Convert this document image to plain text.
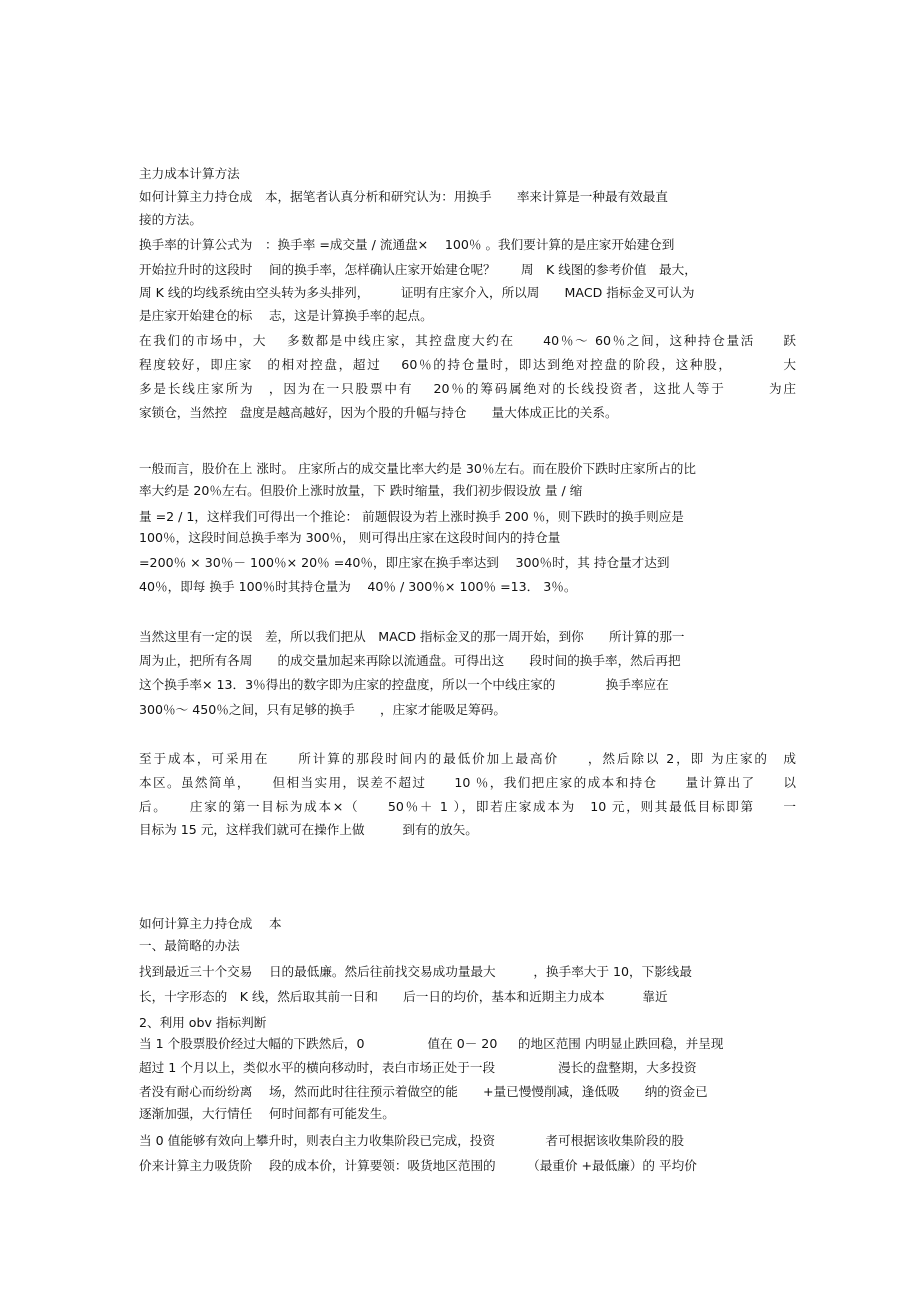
主力成本计算方法
如何计算主力持仓成　本，据笔者认真分析和研究认为：用换手　　率来计算是一种最有效最直
接的方法。
换手率的计算公式为　：换手率 =成交量 / 流通盘×　 100％ 。我们要计算的是庄家开始建仓到
开始拉升时的这段时　 间的换手率，怎样确认庄家开始建仓呢？　　周　K 线图的参考价值　最大，
周 K 线的均线系统由空头转为多头排列，　　　证明有庄家介入，所以周　　MACD 指标金叉可认为
是庄家开始建仓的标　 志，这是计算换手率的起点。
在我们的市场中，大　 多数都是中线庄家，其控盘度大约在　　40％～ 60％之间，这种持仓量活　　跃
程度较好，即庄家　的相对控盘，超过　 60％的持仓量时，即达到绝对控盘的阶段，这种股，　　　　大
多是长线庄家所为　，因为在一只股票中有　 20％的筹码属绝对的长线投资者，这批人等于　　　为庄
家锁仓，当然控　盘度是越高越好，因为个股的升幅与持仓　　量大体成正比的关系。
一般而言，股价在上 涨时。 庄家所占的成交量比率大约是 30％左右。而在股价下跌时庄家所占的比
率大约是 20％左右。但股价上涨时放量，下 跌时缩量，我们初步假设放 量 / 缩
量 =2 / 1，这样我们可得出一个推论： 前题假设为若上涨时换手 200 ％，则下跌时的换手则应是
100％，这段时间总换手率为 300％， 则可得出庄家在这段时间内的持仓量
=200％ × 30％－ 100％× 20％ =40％，即庄家在换手率达到　 300％时，其 持仓量才达到
40％，即每 换手 100％时其持仓量为　 40％ / 300％× 100％ =13． 3％。
当然这里有一定的误　差，所以我们把从　MACD 指标金叉的那一周开始，到你　　所计算的那一
周为止，把所有各周　　的成交量加起来再除以流通盘。可得出这　　段时间的换手率，然后再把
这个换手率× 13．3％得出的数字即为庄家的控盘度，所以一个中线庄家的　　　　换手率应在
300％～ 450％之间，只有足够的换手　　，庄家才能吸足筹码。
至于成本，可采用在　　所计算的那段时间内的最低价加上最高价　　，然后除以 2，即 为庄家的　成
本区。虽然简单，　　但相当实用，误差不超过　　10 ％，我们把庄家的成本和持仓　　量计算出了　　以
后。　　庄家的第一目标为成本×（　　50％＋ 1 ），即若庄家成本为　10 元，则其最低目标即第　　一
目标为 15 元，这样我们就可在操作上做　　　到有的放矢。
如何计算主力持仓成　 本
一、最简略的办法
找到最近三十个交易　 日的最低廉。然后往前找交易成功量最大　　　，换手率大于 10，下影线最
长，十字形态的　K 线，然后取其前一日和　　后一日的均价，基本和近期主力成本　　　靠近
2、利用 obv 指标判断
当 1 个股票股价经过大幅的下跌然后，0　　　　　值在 0－ 20 　 的地区范围 内明显止跌回稳，并呈现
超过 1 个月以上，类似水平的横向移动时，表白市场正处于一段　　　　　漫长的盘整期，大多投资
者没有耐心而纷纷离　 场，然而此时往往预示着做空的能　　+量已慢慢削减，逢低吸　　纳的资金已
逐渐加强，大行情任　 何时间都有可能发生。
当 0 值能够有效向上攀升时，则表白主力收集阶段已完成，投资　　　　者可根据该收集阶段的股
价来计算主力吸货阶　 段的成本价，计算要领：吸货地区范围的　　　（最重价 +最低廉）的 平均价
